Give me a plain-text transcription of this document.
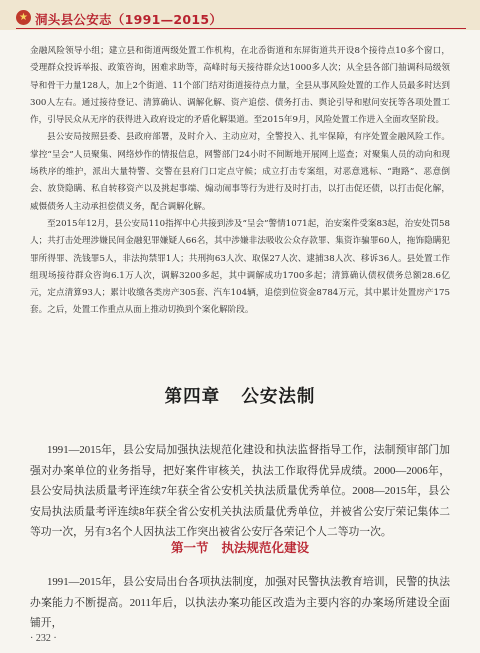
★ 洞头县公安志（1991—2015）

金融风险领导小组；建立县和街道两级处置工作机构，在北岙街道和东屏街道共开设8个接待点10多个窗口，受理群众投诉举报、政策咨询，困难求助等，高峰时每天接待群众达1000多人次；从全县各部门抽调科局级领导和骨干力量128人，加上2个街道、11个部门结对街道接待点力量，全县从事风险处置的工作人员最多时达到300人左右。通过接待登记、清算确认、调解化解、资产追偿、债务打击、舆论引导和慰问安抚等各项处置工作，引导民众从无序的获得进入政府设定的矛盾化解渠道。至2015年9月，风险处置工作进入全面攻坚阶段。

县公安局按照县委、县政府部署，及时介入、主动应对，全警投入、扎牢保障，有序处置金融风险工作。掌控“呈会”人员聚集、网络炒作的情报信息，网警部门24小时不间断地开展网上巡查；对聚集人员的动向和现场秩序的维护，派出大量特警、交警在县府门口定点守候；成立打击专案组，对恶意逃标、“跑路”、恶意倒会、放贷隐瞒、私自转移资产以及挑起事端、煽动闹事等行为进行及时打击，以打击促还债，以打击促化解，威慑债务人主动承担偿债义务，配合调解化解。

至2015年12月，县公安局110指挥中心共接到涉及“呈会”警情1071起，治安案件受案83起，治安处罚58人；共打击处理涉嫌民间金融犯罪嫌疑人66名，其中涉嫌非法吸收公众存款罪、集资诈骗罪60人，拖饰隐瞒犯罪所得罪、洗钱罪5人，非法拘禁罪1人；共刑拘63人次、取保27人次、逮捕38人次、移诉36人。县处置工作组现场接待群众咨询6.1万人次，调解3200多起，其中调解成功1700多起；清算确认债权债务总额28.6亿元，定点清算93人；累计收缴各类房产305套、汽车104辆，追偿到位资金8784万元，其中累计处置房产175套。之后，处置工作重点从面上推动切换到个案化解阶段。

第四章 公安法制

1991—2015年，县公安局加强执法规范化建设和执法监督指导工作，法制预审部门加强对办案单位的业务指导，把好案件审核关，执法工作取得优异成绩。2000—2006年，县公安局执法质量考评连续7年获全省公安机关执法质量优秀单位。2008—2015年，县公安局执法质量考评连续8年获全省公安机关执法质量优秀单位，并被省公安厅荣记集体二等功一次，另有3名个人因执法工作突出被省公安厅各荣记个人二等功一次。

第一节 执法规范化建设

1991—2015年，县公安局出台各项执法制度，加强对民警执法教育培训，民警的执法办案能力不断提高。2011年后，以执法办案功能区改造为主要内容的办案场所建设全面铺开，

· 232 ·
